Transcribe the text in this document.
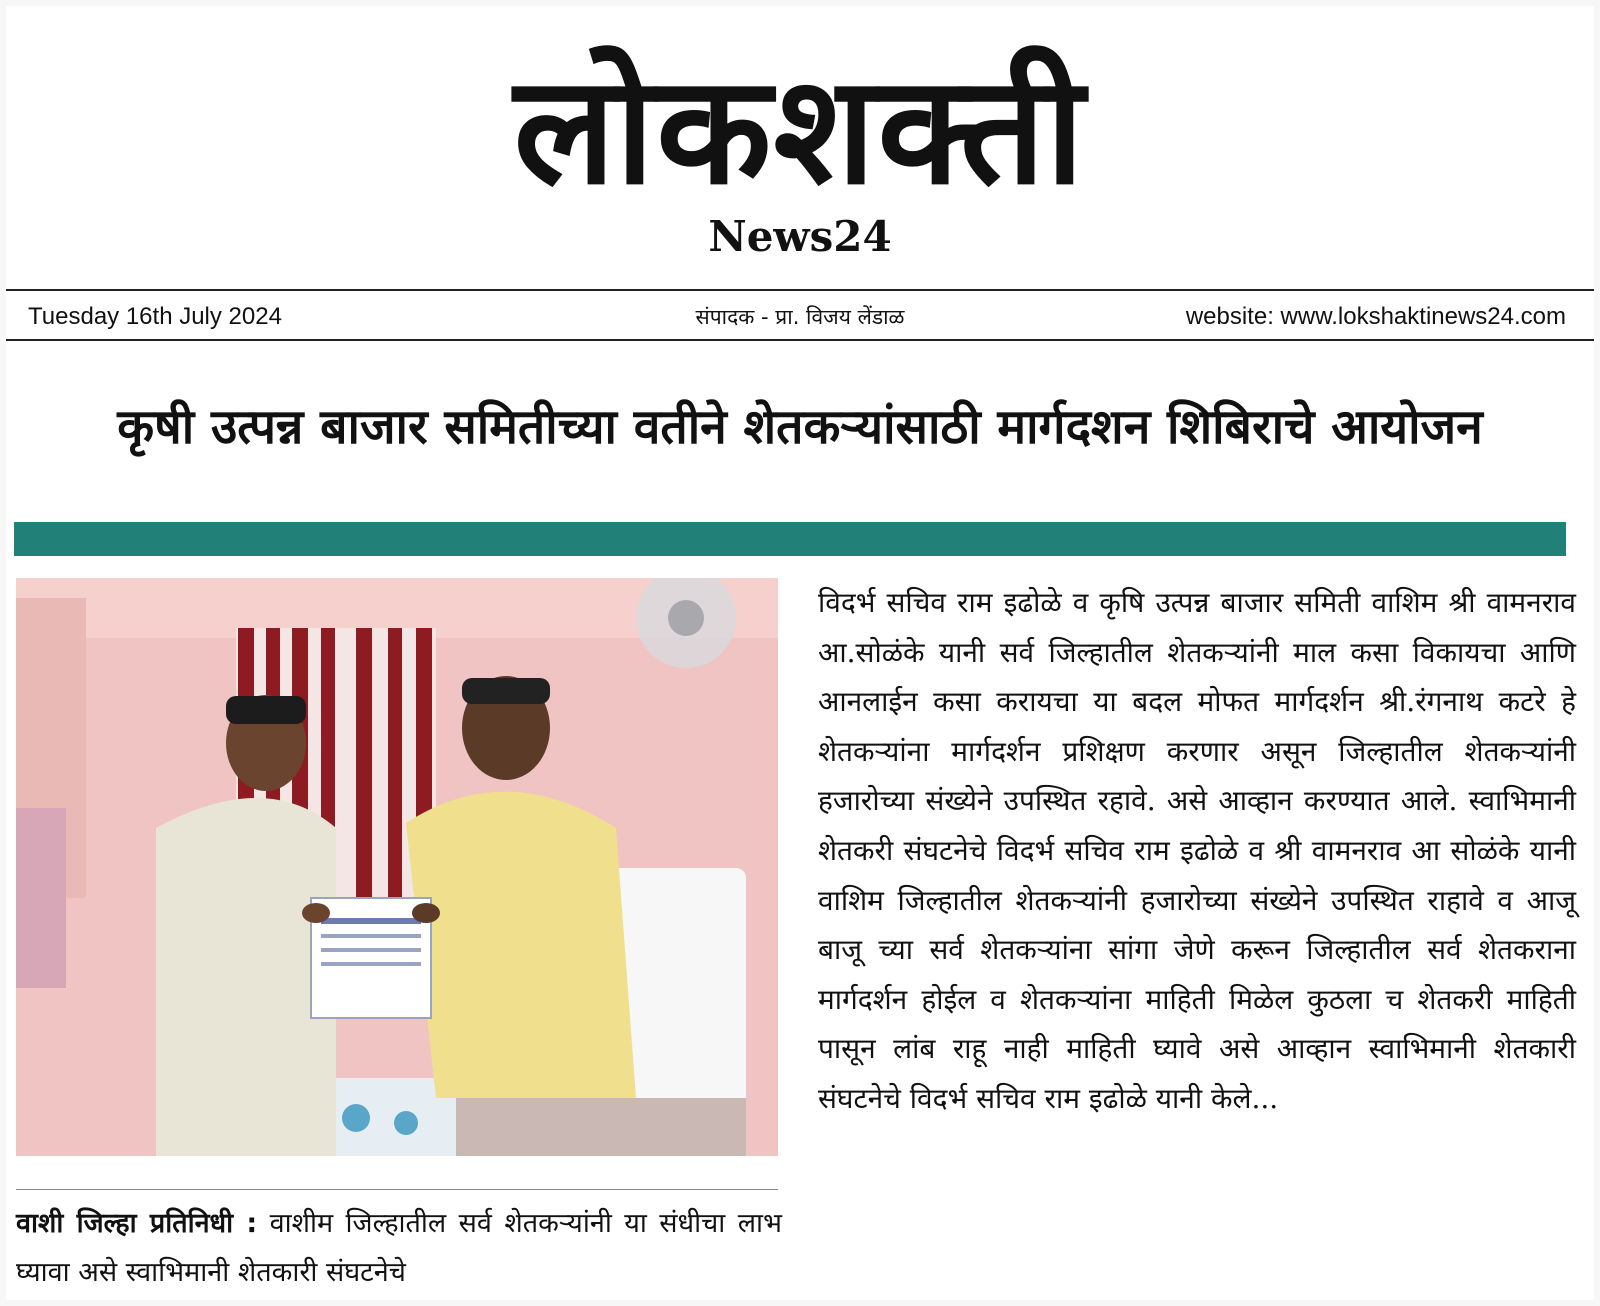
लोकशक्ती
News24
संपादक - प्रा. विजय लेंडाळ
Tuesday 16th July 2024	website: www.lokshaktinews24.com
कृषी उत्पन्न बाजार समितीच्या वतीने शेतकऱ्यांसाठी मार्गदशन शिबिराचे आयोजन
वाशी जिल्हा प्रतिनिधी : वाशीम जिल्हातील सर्व शेतकऱ्यांनी या संधीचा लाभ घ्यावा असे स्वाभिमानी शेतकारी संघटनेचे
विदर्भ सचिव राम इढोळे व कृषि उत्पन्न बाजार समिती वाशिम श्री वामनराव आ.सोळंके यानी सर्व जिल्हातील शेतकऱ्यांनी माल कसा विकायचा आणि आनलाईन कसा करायचा या बदल मोफत मार्गदर्शन श्री.रंगनाथ कटरे हे शेतकऱ्यांना मार्गदर्शन प्रशिक्षण करणार असून जिल्हातील शेतकऱ्यांनी हजारोच्या संख्येने उपस्थित रहावे. असे आव्हान करण्यात आले. स्वाभिमानी शेतकरी संघटनेचे विदर्भ सचिव राम इढोळे व श्री वामनराव आ सोळंके यानी वाशिम जिल्हातील शेतकऱ्यांनी हजारोच्या संख्येने उपस्थित राहावे व आजू बाजू च्या सर्व शेतकऱ्यांना सांगा जेणे करून जिल्हातील सर्व शेतकराना मार्गदर्शन होईल व शेतकऱ्यांना माहिती मिळेल कुठला च शेतकरी माहिती पासून लांब राहू नाही माहिती घ्यावे असे आव्हान स्वाभिमानी शेतकारी संघटनेचे विदर्भ सचिव राम इढोळे यानी केले...
